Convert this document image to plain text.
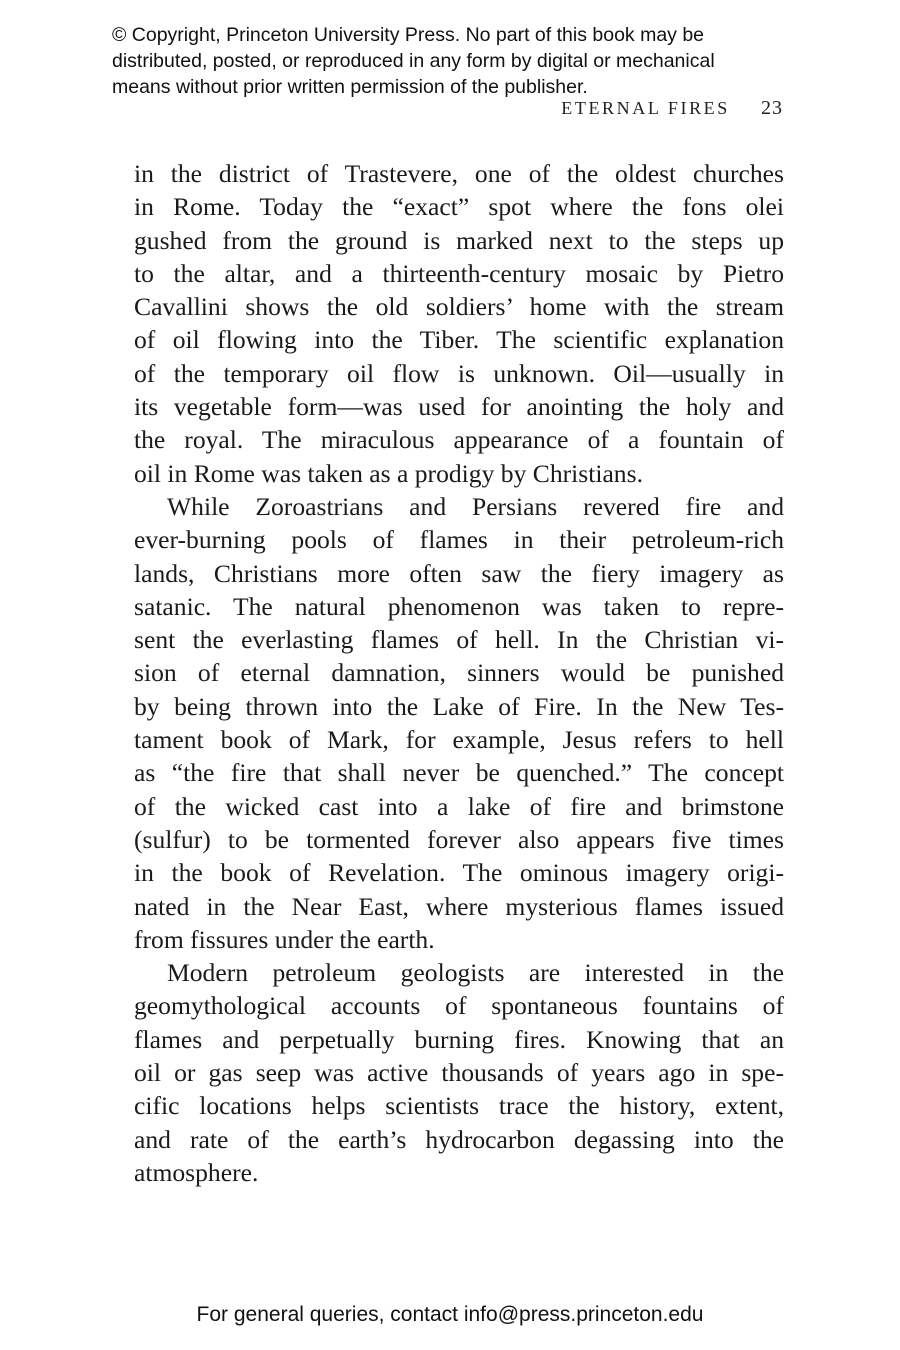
© Copyright, Princeton University Press. No part of this book may be
distributed, posted, or reproduced in any form by digital or mechanical
means without prior written permission of the publisher.
ETERNAL FIRES 23
in the district of Trastevere, one of the oldest churches
in Rome. Today the “exact” spot where the fons olei
gushed from the ground is marked next to the steps up
to the altar, and a thirteenth-century mosaic by Pietro
Cavallini shows the old soldiers’ home with the stream
of oil flowing into the Tiber. The scientific explanation
of the temporary oil flow is unknown. Oil—usually in
its vegetable form—was used for anointing the holy and
the royal. The miraculous appearance of a fountain of
oil in Rome was taken as a prodigy by Christians.
While Zoroastrians and Persians revered fire and
ever-burning pools of flames in their petroleum-rich
lands, Christians more often saw the fiery imagery as
satanic. The natural phenomenon was taken to repre-
sent the everlasting flames of hell. In the Christian vi-
sion of eternal damnation, sinners would be punished
by being thrown into the Lake of Fire. In the New Tes-
tament book of Mark, for example, Jesus refers to hell
as “the fire that shall never be quenched.” The concept
of the wicked cast into a lake of fire and brimstone
(sulfur) to be tormented forever also appears five times
in the book of Revelation. The ominous imagery origi-
nated in the Near East, where mysterious flames issued
from fissures under the earth.
Modern petroleum geologists are interested in the
geomythological accounts of spontaneous fountains of
flames and perpetually burning fires. Knowing that an
oil or gas seep was active thousands of years ago in spe-
cific locations helps scientists trace the history, extent,
and rate of the earth’s hydrocarbon degassing into the
atmosphere.
For general queries, contact info@press.princeton.edu
